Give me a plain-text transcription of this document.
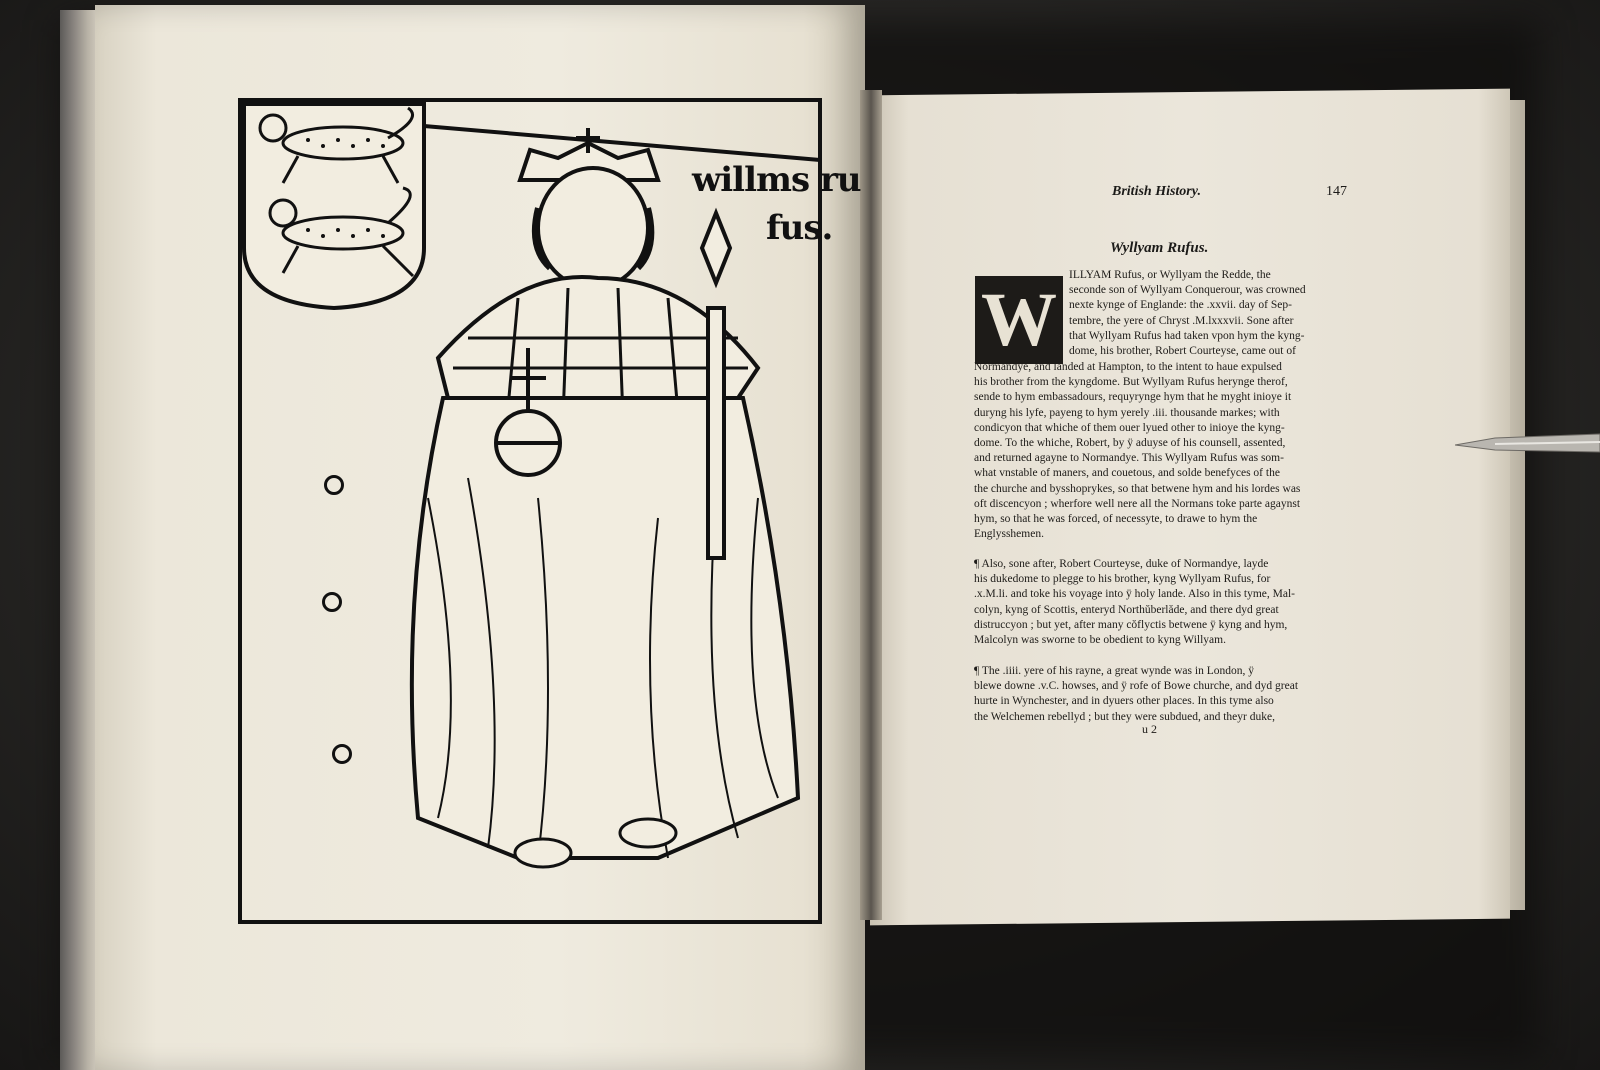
willms ru
fus.
British History.	147
Wyllyam Rufus.
W
ILLYAM Rufus, or Wyllyam the Redde, the
seconde son of Wyllyam Conquerour, was crowned
nexte kynge of Englande: the .xxvii. day of Sep-
tembre, the yere of Chryst .M.lxxxvii. Sone after
that Wyllyam Rufus had taken vpon hym the kyng-
dome, his brother, Robert Courteyse, came out of
Normandye, and landed at Hampton, to the intent to haue expulsed
his brother from the kyngdome. But Wyllyam Rufus herynge therof,
sende to hym embassadours, requyrynge hym that he myght inioye it
duryng his lyfe, payeng to hym yerely .iii. thousande markes; with
condicyon that whiche of them ouer lyued other to inioye the kyng-
dome. To the whiche, Robert, by ÿ aduyse of his counsell, assented,
and returned agayne to Normandye. This Wyllyam Rufus was som-
what vnstable of maners, and couetous, and solde benefyces of the
the churche and bysshoprykes, so that betwene hym and his lordes was
oft discencyon ; wherfore well nere all the Normans toke parte agaynst
hym, so that he was forced, of necessyte, to drawe to hym the
Englysshemen.
¶ Also, sone after, Robert Courteyse, duke of Normandye, layde
his dukedome to plegge to his brother, kyng Wyllyam Rufus, for
.x.M.li. and toke his voyage into ÿ holy lande. Also in this tyme, Mal-
colyn, kyng of Scottis, enteryd Northŭberlăde, and there dyd great
distruccyon ; but yet, after many cŏflyctis betwene ÿ kyng and hym,
Malcolyn was sworne to be obedient to kyng Willyam.
¶ The .iiii. yere of his rayne, a great wynde was in London, ÿ
blewe downe .v.C. howses, and ÿ rofe of Bowe churche, and dyd great
hurte in Wynchester, and in dyuers other places. In this tyme also
the Welchemen rebellyd ; but they were subdued, and theyr duke,
u 2
